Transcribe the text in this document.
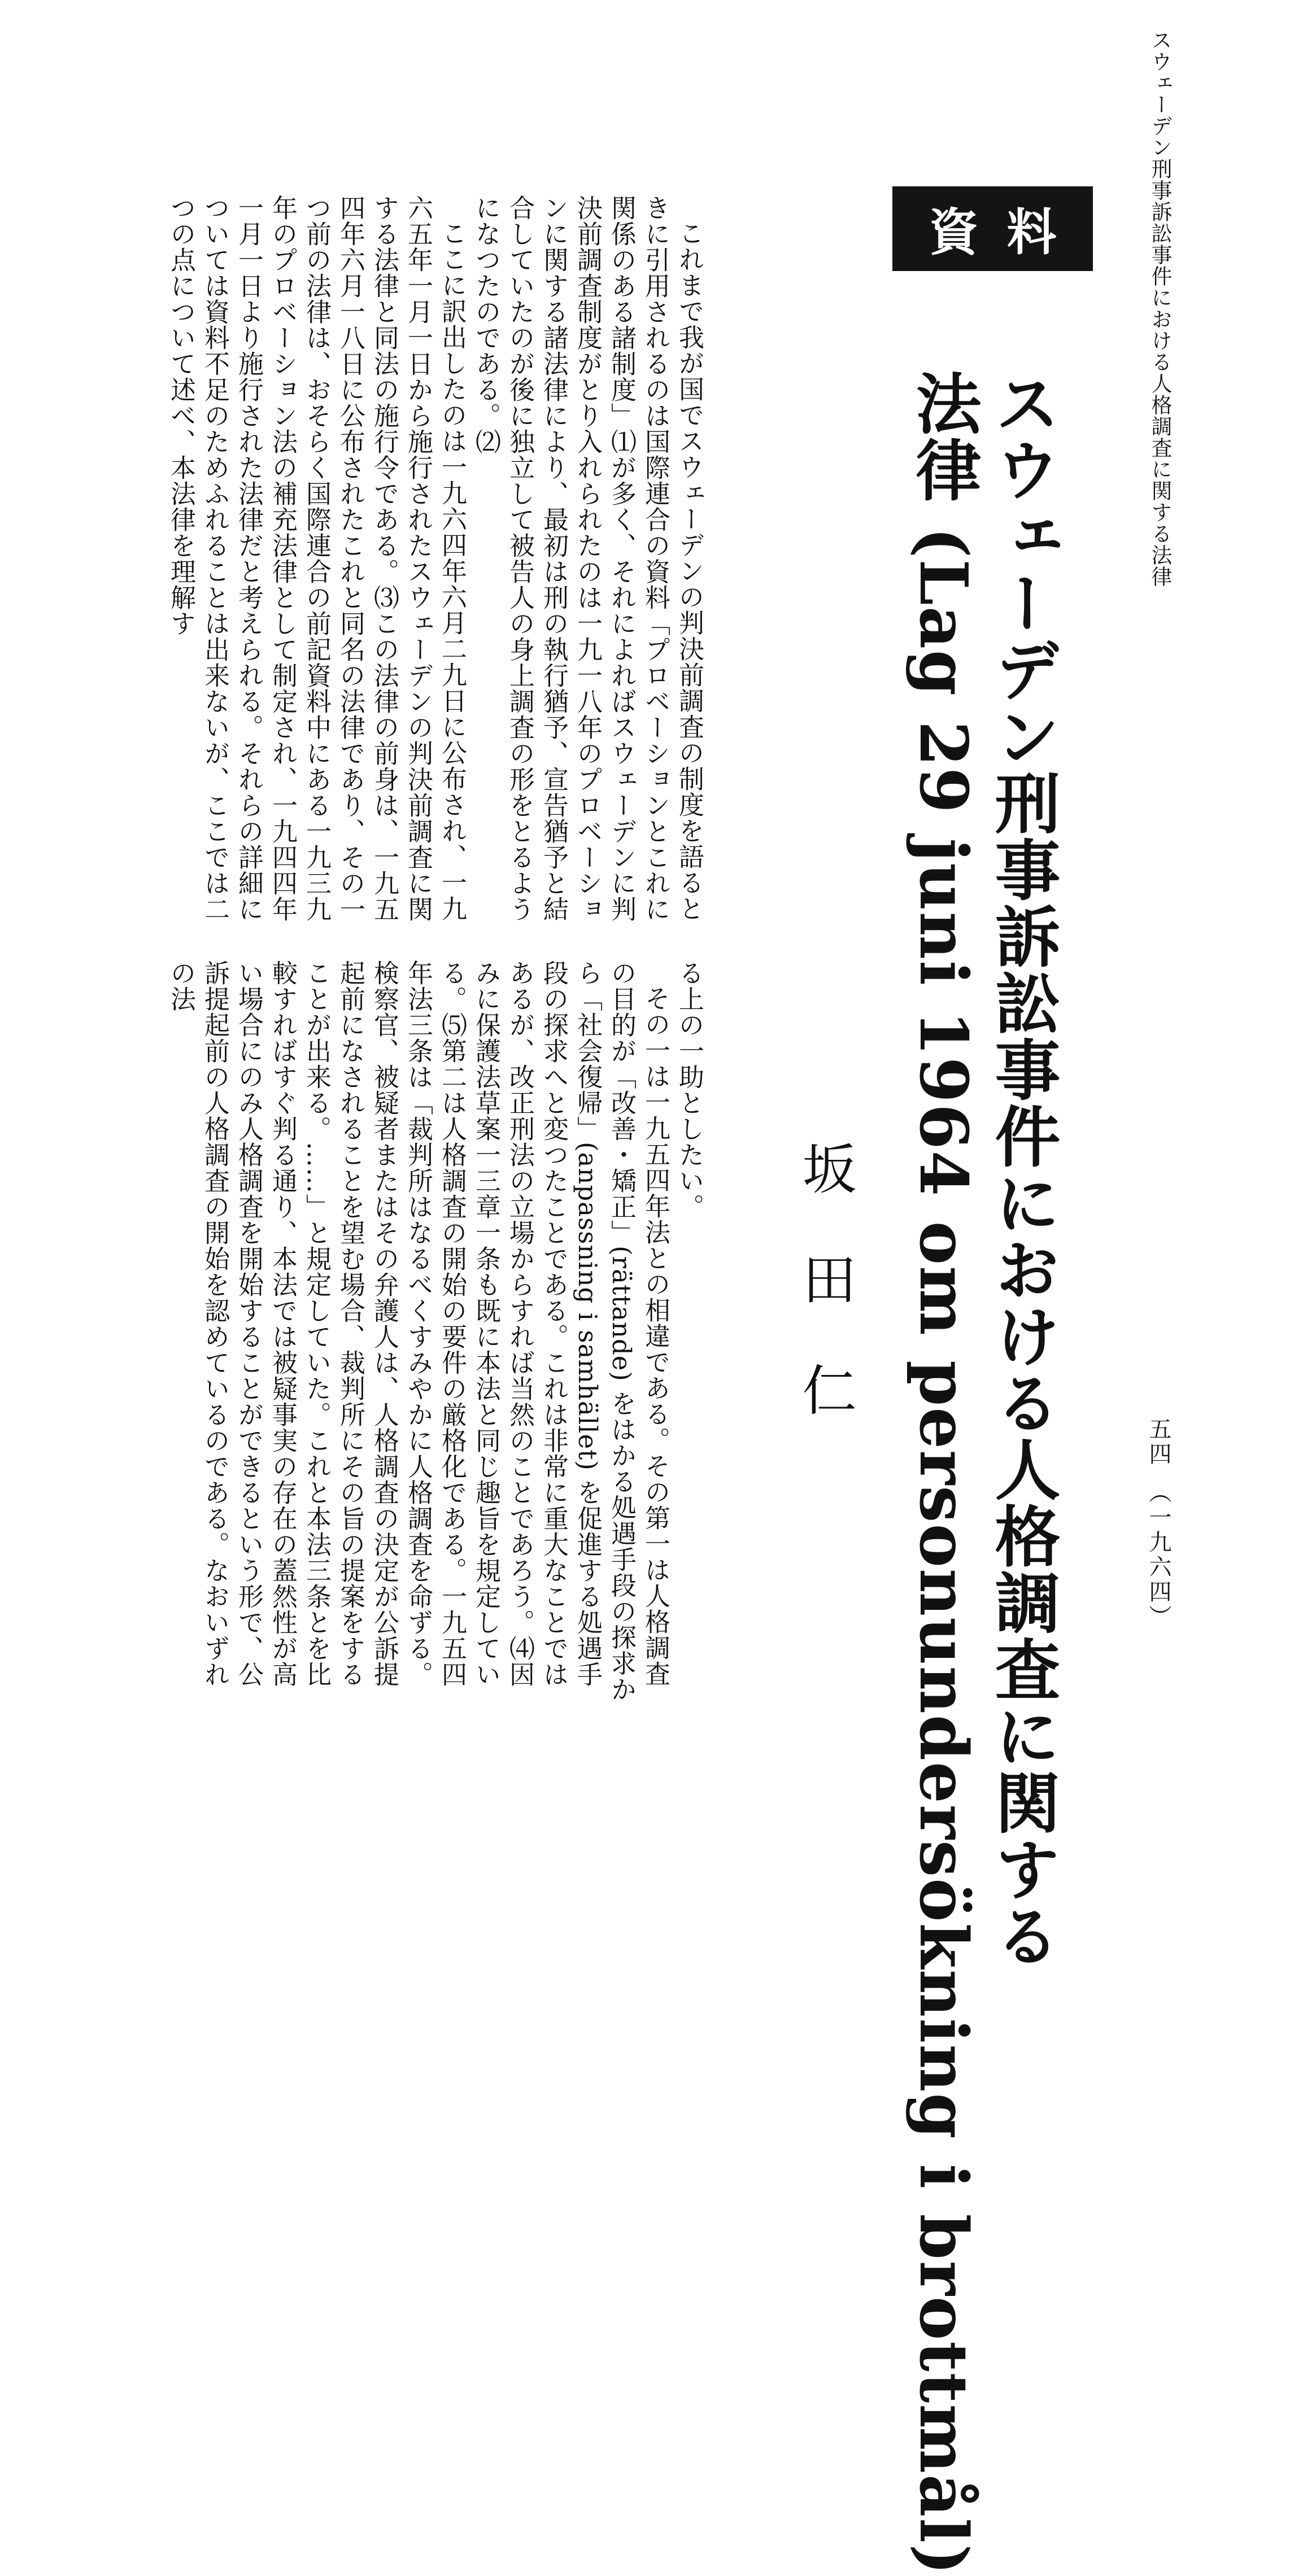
スウェーデン刑事訴訟事件における人格調査に関する法律
五四　（一九六四）
資料
スウェーデン刑事訴訟事件における人格調査に関する
法律 (Lag 29 juni 1964 om personundersökning i brottmål)
坂田仁
これまで我が国でスウェーデンの判決前調査の制度を語るときに引用されるのは国際連合の資料「プロベーションとこれに関係のある諸制度」⑴が多く、それによればスウェーデンに判決前調査制度がとり入れられたのは一九一八年のプロベーションに関する諸法律により、最初は刑の執行猶予、宣告猶予と結合していたのが後に独立して被告人の身上調査の形をとるようになつたのである。⑵
ここに訳出したのは一九六四年六月二九日に公布され、一九六五年一月一日から施行されたスウェーデンの判決前調査に関する法律と同法の施行令である。⑶この法律の前身は、一九五四年六月一八日に公布されたこれと同名の法律であり、その一つ前の法律は、おそらく国際連合の前記資料中にある一九三九年のプロベーション法の補充法律として制定され、一九四四年一月一日より施行された法律だと考えられる。それらの詳細については資料不足のためふれることは出来ないが、ここでは二つの点について述べ、本法律を理解す
る上の一助としたい。
その一は一九五四年法との相違である。その第一は人格調査の目的が「改善・矯正」(rättande) をはかる処遇手段の探求から「社会復帰」(anpassning i samhället) を促進する処遇手段の探求へと変つたことである。これは非常に重大なことではあるが、改正刑法の立場からすれば当然のことであろう。⑷因みに保護法草案一三章一条も既に本法と同じ趣旨を規定している。⑸第二は人格調査の開始の要件の厳格化である。一九五四年法三条は「裁判所はなるべくすみやかに人格調査を命ずる。検察官、被疑者またはその弁護人は、人格調査の決定が公訴提起前になされることを望む場合、裁判所にその旨の提案をすることが出来る。……」と規定していた。これと本法三条とを比較すればすぐ判る通り、本法では被疑事実の存在の蓋然性が高い場合にのみ人格調査を開始することができるという形で、公訴提起前の人格調査の開始を認めているのである。なおいずれの法
